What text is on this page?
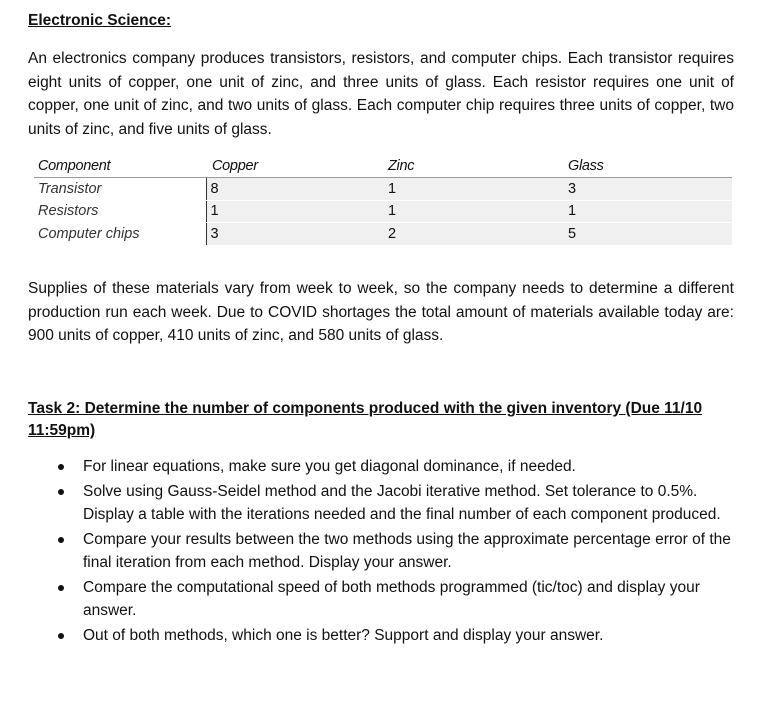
Electronic Science:
An electronics company produces transistors, resistors, and computer chips. Each transistor requires eight units of copper, one unit of zinc, and three units of glass. Each resistor requires one unit of copper, one unit of zinc, and two units of glass. Each computer chip requires three units of copper, two units of zinc, and five units of glass.
Component	Copper	Zinc	Glass
Transistor	8	1	3
Resistors	1	1	1
Computer chips	3	2	5
Supplies of these materials vary from week to week, so the company needs to determine a different production run each week. Due to COVID shortages the total amount of materials available today are: 900 units of copper, 410 units of zinc, and 580 units of glass.
Task 2: Determine the number of components produced with the given inventory (Due 11/10 11:59pm)
For linear equations, make sure you get diagonal dominance, if needed.
Solve using Gauss-Seidel method and the Jacobi iterative method. Set tolerance to 0.5%. Display a table with the iterations needed and the final number of each component produced.
Compare your results between the two methods using the approximate percentage error of the final iteration from each method. Display your answer.
Compare the computational speed of both methods programmed (tic/toc) and display your answer.
Out of both methods, which one is better? Support and display your answer.
